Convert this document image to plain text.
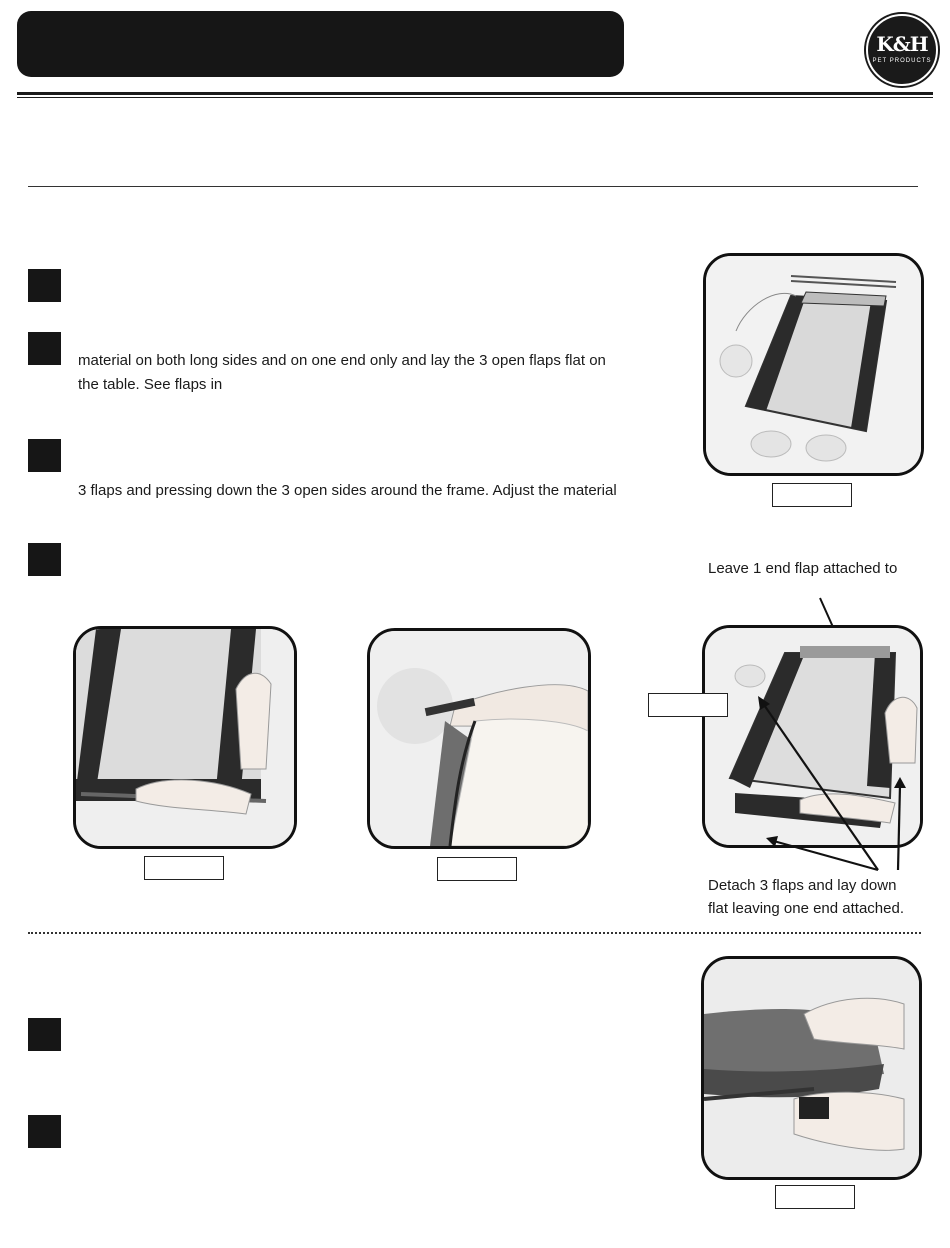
K&H
PET PRODUCTS
material on both long sides and on one end only and lay the 3 open flaps flat on
the table. See flaps in
3 flaps and pressing down the 3 open sides around the frame. Adjust the material
Leave 1 end flap attached to
Detach 3 flaps and lay down
flat leaving one end attached.
